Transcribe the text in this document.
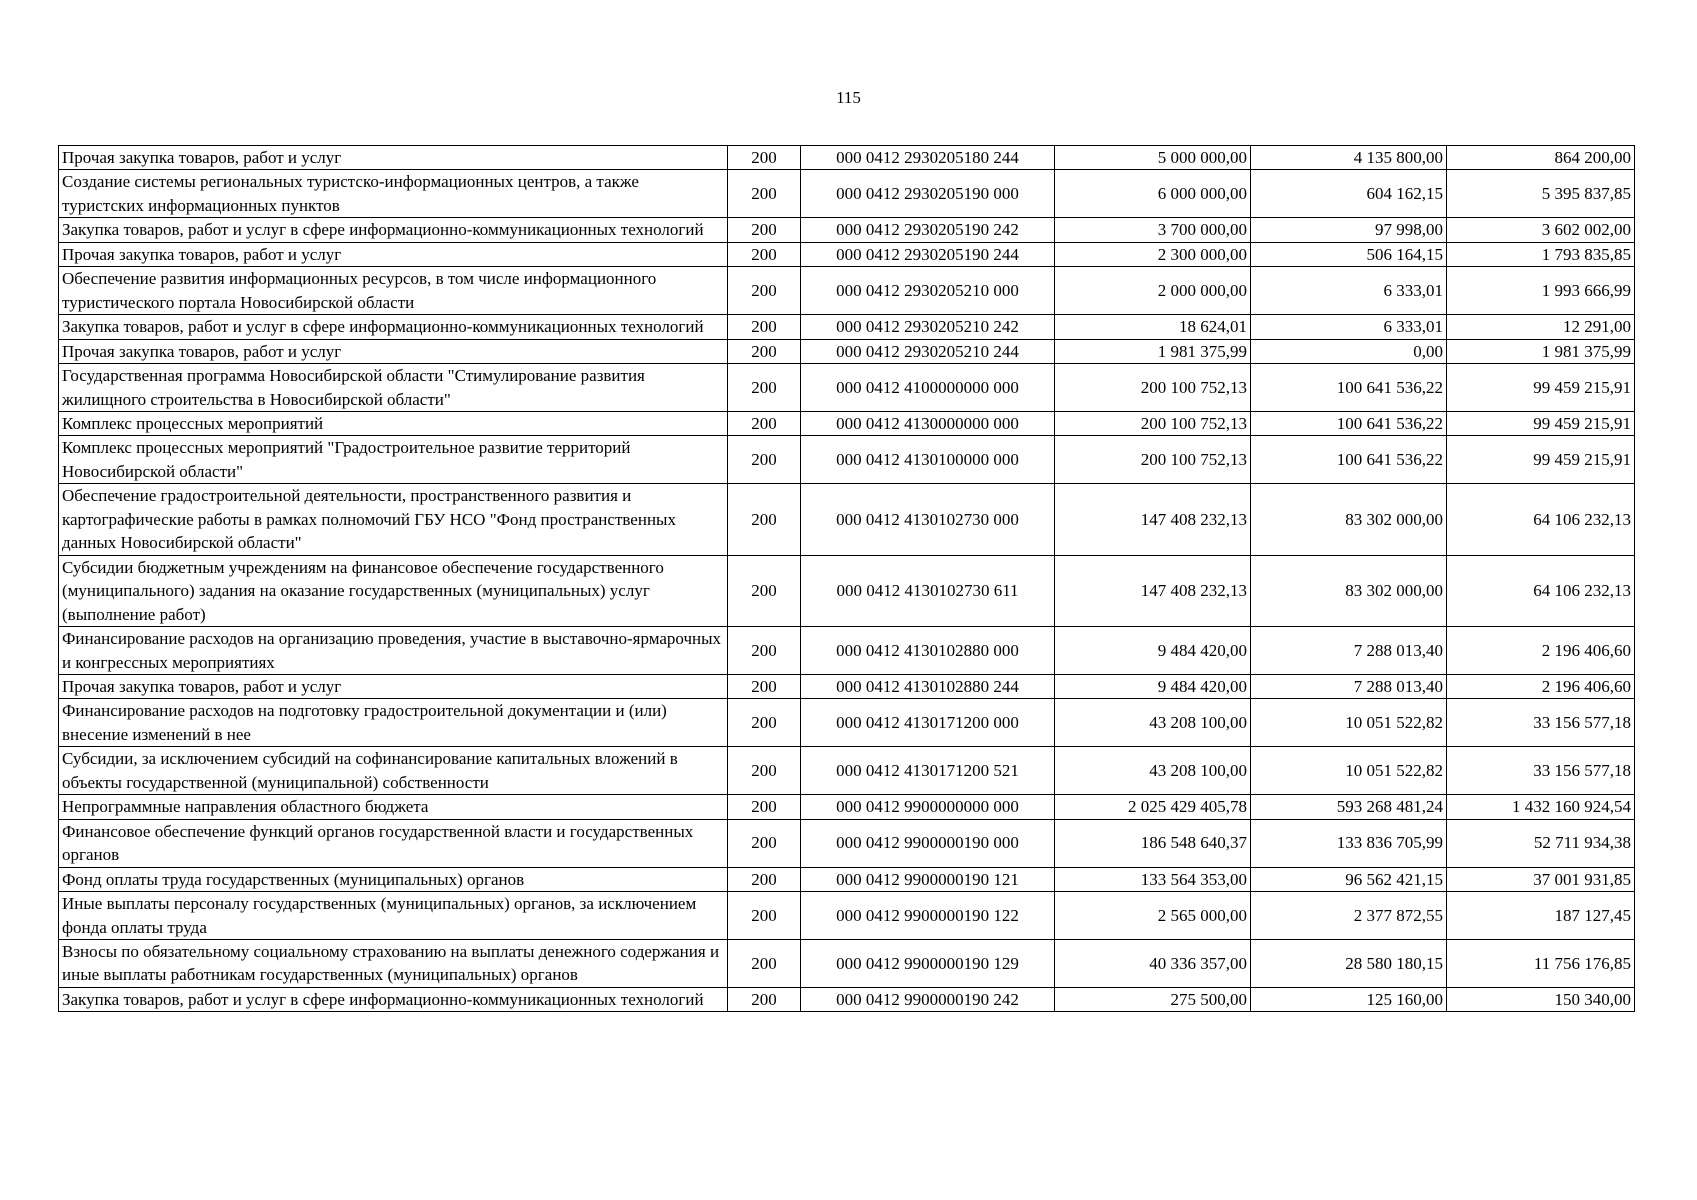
115
Прочая закупка товаров, работ и услуг	200	000 0412 2930205180 244	5 000 000,00	4 135 800,00	864 200,00
Создание системы региональных туристско-информационных центров, а также туристских информационных пунктов	200	000 0412 2930205190 000	6 000 000,00	604 162,15	5 395 837,85
Закупка товаров, работ и услуг в сфере информационно-коммуникационных технологий	200	000 0412 2930205190 242	3 700 000,00	97 998,00	3 602 002,00
Прочая закупка товаров, работ и услуг	200	000 0412 2930205190 244	2 300 000,00	506 164,15	1 793 835,85
Обеспечение развития информационных ресурсов, в том числе информационного туристического портала Новосибирской области	200	000 0412 2930205210 000	2 000 000,00	6 333,01	1 993 666,99
Закупка товаров, работ и услуг в сфере информационно-коммуникационных технологий	200	000 0412 2930205210 242	18 624,01	6 333,01	12 291,00
Прочая закупка товаров, работ и услуг	200	000 0412 2930205210 244	1 981 375,99	0,00	1 981 375,99
Государственная программа Новосибирской области "Стимулирование развития жилищного строительства в Новосибирской области"	200	000 0412 4100000000 000	200 100 752,13	100 641 536,22	99 459 215,91
Комплекс процессных мероприятий	200	000 0412 4130000000 000	200 100 752,13	100 641 536,22	99 459 215,91
Комплекс процессных мероприятий "Градостроительное развитие территорий Новосибирской области"	200	000 0412 4130100000 000	200 100 752,13	100 641 536,22	99 459 215,91
Обеспечение градостроительной деятельности, пространственного развития и картографические работы в рамках полномочий ГБУ НСО "Фонд пространственных данных Новосибирской области"	200	000 0412 4130102730 000	147 408 232,13	83 302 000,00	64 106 232,13
Субсидии бюджетным учреждениям на финансовое обеспечение государственного (муниципального) задания на оказание государственных (муниципальных) услуг (выполнение работ)	200	000 0412 4130102730 611	147 408 232,13	83 302 000,00	64 106 232,13
Финансирование расходов на организацию проведения, участие в выставочно-ярмарочных и конгрессных мероприятиях	200	000 0412 4130102880 000	9 484 420,00	7 288 013,40	2 196 406,60
Прочая закупка товаров, работ и услуг	200	000 0412 4130102880 244	9 484 420,00	7 288 013,40	2 196 406,60
Финансирование расходов на подготовку градостроительной документации и (или) внесение изменений в нее	200	000 0412 4130171200 000	43 208 100,00	10 051 522,82	33 156 577,18
Субсидии, за исключением субсидий на софинансирование капитальных вложений в объекты государственной (муниципальной) собственности	200	000 0412 4130171200 521	43 208 100,00	10 051 522,82	33 156 577,18
Непрограммные направления областного бюджета	200	000 0412 9900000000 000	2 025 429 405,78	593 268 481,24	1 432 160 924,54
Финансовое обеспечение функций органов государственной власти и государственных органов	200	000 0412 9900000190 000	186 548 640,37	133 836 705,99	52 711 934,38
Фонд оплаты труда государственных (муниципальных) органов	200	000 0412 9900000190 121	133 564 353,00	96 562 421,15	37 001 931,85
Иные выплаты персоналу государственных (муниципальных) органов, за исключением фонда оплаты труда	200	000 0412 9900000190 122	2 565 000,00	2 377 872,55	187 127,45
Взносы по обязательному социальному страхованию на выплаты денежного содержания и иные выплаты работникам государственных (муниципальных) органов	200	000 0412 9900000190 129	40 336 357,00	28 580 180,15	11 756 176,85
Закупка товаров, работ и услуг в сфере информационно-коммуникационных технологий	200	000 0412 9900000190 242	275 500,00	125 160,00	150 340,00
